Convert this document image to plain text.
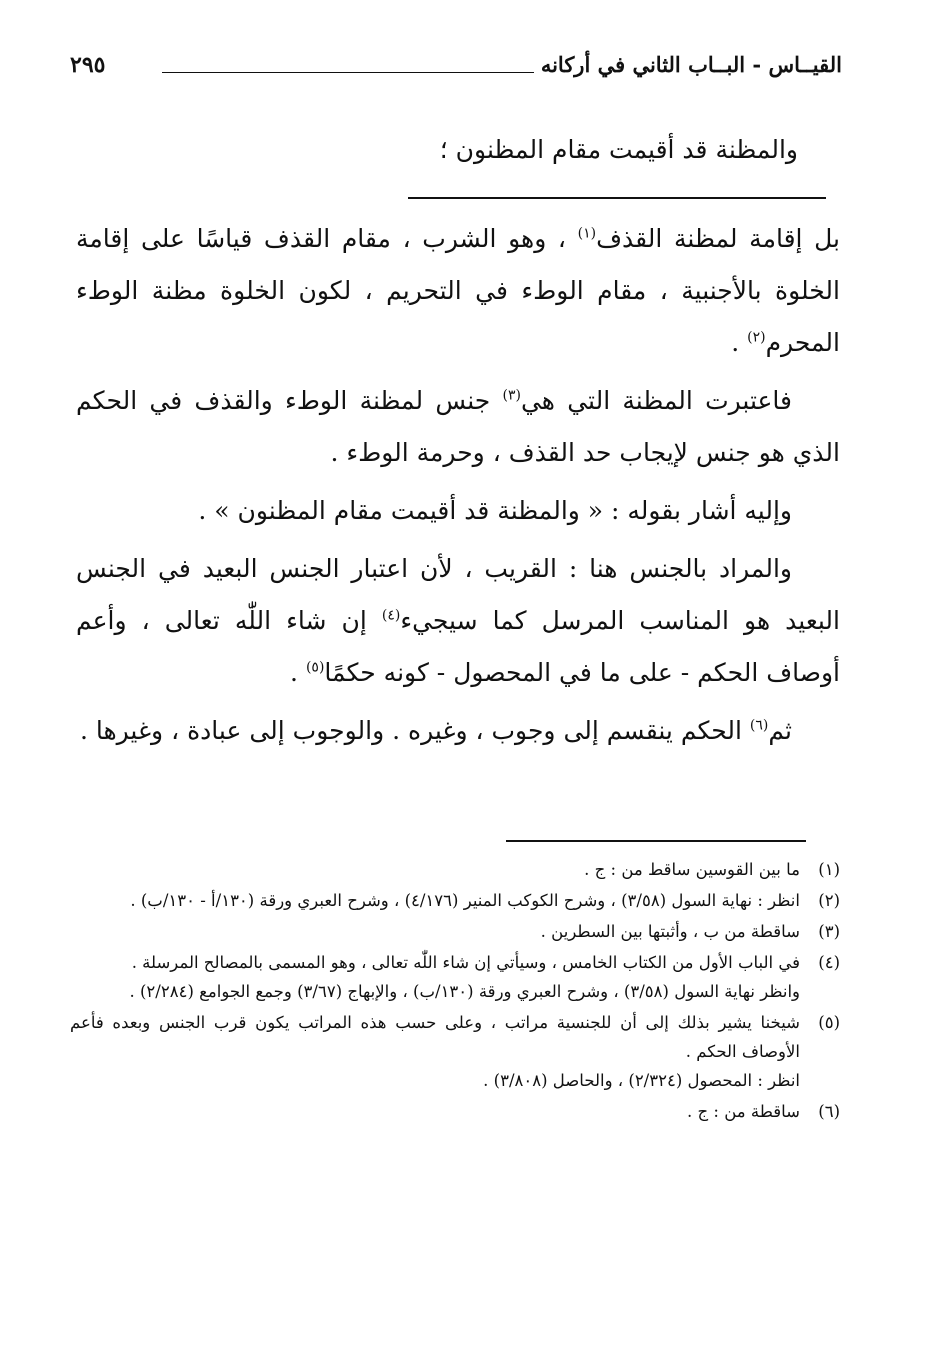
القيــاس - البــاب الثاني في أركانه
٢٩٥
والمظنة قد أقيمت مقام المظنون ؛

بل إقامة لمظنة القذف$^{(١)}$ ، وهو الشرب ، مقام القذف قياسًا على إقامة الخلوة بالأجنبية ، مقام الوطء في التحريم ، لكون الخلوة مظنة الوطء المحرم$^{(٢)}$ .

فاعتبرت المظنة التي هي$^{(٣)}$ جنس لمظنة الوطء والقذف في الحكم الذي هو جنس لإيجاب حد القذف ، وحرمة الوطء .

وإليه أشار بقوله : « والمظنة قد أقيمت مقام المظنون » .

والمراد بالجنس هنا : القريب ، لأن اعتبار الجنس البعيد في الجنس البعيد هو المناسب المرسل كما سيجيء$^{(٤)}$ إن شاء اللّٰه تعالى ، وأعم أوصاف الحكم - على ما في المحصول - كونه حكمًا$^{(٥)}$ .

ثم$^{(٦)}$ الحكم ينقسم إلى وجوب ، وغيره . والوجوب إلى عبادة ، وغيرها .

(١)
ما بين القوسين ساقط من : ج .
(٢)
انظر : نهاية السول (٣/٥٨) ، وشرح الكوكب المنير (٤/١٧٦) ، وشرح العبري ورقة (١٣٠/أ - ١٣٠/ب) .
(٣)
ساقطة من ب ، وأثبتها بين السطرين .
(٤)
في الباب الأول من الكتاب الخامس ، وسيأتي إن شاء اللّٰه تعالى ، وهو المسمى بالمصالح المرسلة .
وانظر نهاية السول (٣/٥٨) ، وشرح العبري ورقة (١٣٠/ب) ، والإبهاج (٣/٦٧) وجمع الجوامع (٢/٢٨٤) .
(٥)
شيخنا يشير بذلك إلى أن للجنسية مراتب ، وعلى حسب هذه المراتب يكون قرب الجنس وبعده فأعم الأوصاف الحكم .
انظر : المحصول (٢/٣٢٤) ، والحاصل (٣/٨٠٨) .
(٦)
ساقطة من : ج .
